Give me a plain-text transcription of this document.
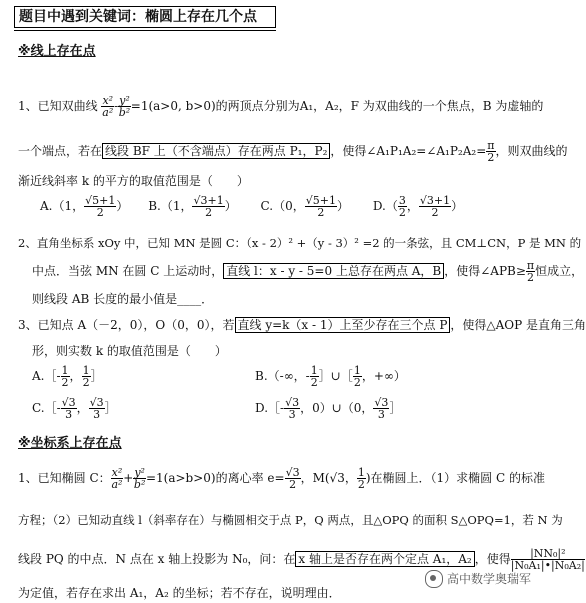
题目中遇到关键词：椭圆上存在几个点
※线上存在点
1、已知双曲线 $\frac{\text{x²}}{\text{a²}} - \frac{\text{y²}}{\text{b²}} =1(a>0$, b>0)的两顶点分别为A₁，A₂，F 为双曲线的一个焦点，B 为虚轴的
一个端点，若在 线段 BF 上（不含端点）存在两点 P₁，P₂ ，使得∠A₁P₁A₂=∠A₁P₂A₂= $\frac{\pi}{2}$ ，则双曲线的
渐近线斜率 k 的平方的取值范围是（　　）
A.（1， $\frac{√5+1}{2}$ ） B.（1， $\frac{√3+1}{2}$ ） C.（0， $\frac{√5+1}{2}$ ） $D.( \frac{3}{2}$ ， $\frac{√3+1}{2}$ ）
2、直角坐标系 xOy 中，已知 MN 是圆 C：（x - 2）² +（y - 3）² =2 的一条弦，且 CM⊥CN，P 是 MN 的
中点．当弦 MN 在圆 C 上运动时， 直线 l：x - y - 5=0 上总存在两点 A，B ，使得∠APB≥ $\frac{\pi}{2}$ 恒成立，
则线段 AB 长度的最小值是____．
3、已知点 A（－2，0），O（0，0），若 直线 y=k（x - 1）上至少存在三个点 P ，使得△AOP 是直角三角
形，则实数 k 的取值范围是（　　）
A.［- $\frac{1}{2}$ ， $\frac{1}{2}$ ］	B.（-∞，- $\frac{1}{2}$ ］∪［ $\frac{1}{2}$ ，+∞）
C.［- $\frac{√3}{3}$ ， $\frac{√3}{3}$ ］	D.［- $\frac{√3}{3}$ ，0）∪（0， $\frac{√3}{3}$ ］
※坐标系上存在点
1、已知椭圆 C： $\frac{\text{x²}}{\text{a²}} + \frac{\text{y²}}{\text{b²}} =1(a>b>0)$的离心率 $e= \frac{√3}{2}$ ，M(√3， $\frac{1}{2}$ )在椭圆上．（1）求椭圆 C 的标准
方程；（2）已知动直线 l（斜率存在）与椭圆相交于点 P，Q 两点，且△OPQ 的面积 S△OPQ=1，若 N 为
线段 PQ 的中点．N 点在 x 轴上投影为 N₀，问：在 x 轴上是否存在两个定点 A₁，A₂ ，使得 $\frac{\text{|NN₀|²}}{\text{|N₀A₁|•|N₀A₂|}}$
为定值，若存在求出 A₁，A₂ 的坐标；若不存在，说明理由．
高中数学奥瑞军
